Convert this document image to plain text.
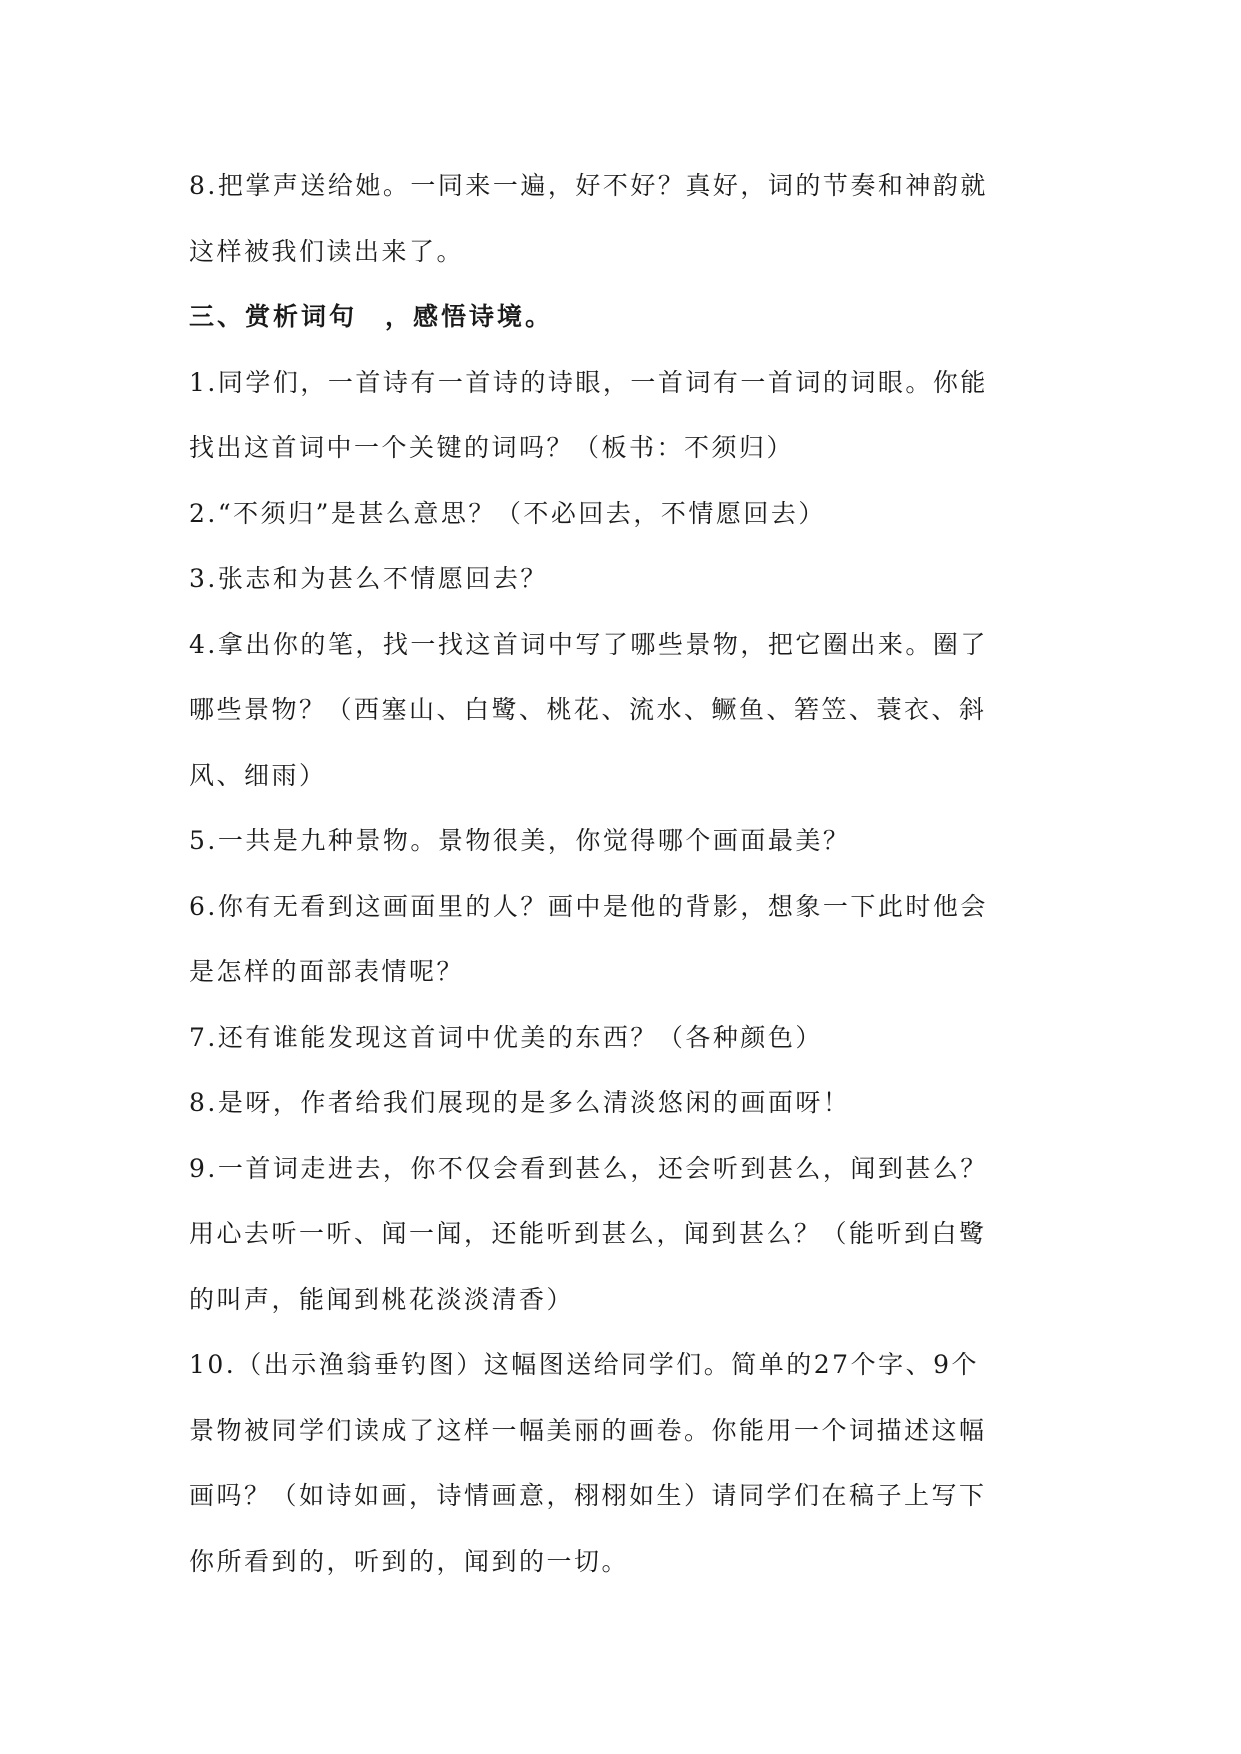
8.把掌声送给她。一同来一遍，好不好？真好，词的节奏和神韵就

这样被我们读出来了。

三、赏析词句　，感悟诗境。

1.同学们，一首诗有一首诗的诗眼，一首词有一首词的词眼。你能

找出这首词中一个关键的词吗？（板书：不须归）

2.“不须归”是甚么意思？（不必回去，不情愿回去）

3.张志和为甚么不情愿回去？

4.拿出你的笔，找一找这首词中写了哪些景物，把它圈出来。圈了

哪些景物？（西塞山、白鹭、桃花、流水、鳜鱼、箬笠、蓑衣、斜

风、细雨）

5.一共是九种景物。景物很美，你觉得哪个画面最美？

6.你有无看到这画面里的人？画中是他的背影，想象一下此时他会

是怎样的面部表情呢？

7.还有谁能发现这首词中优美的东西？（各种颜色）

8.是呀，作者给我们展现的是多么清淡悠闲的画面呀！

9.一首词走进去，你不仅会看到甚么，还会听到甚么，闻到甚么？

用心去听一听、闻一闻，还能听到甚么，闻到甚么？（能听到白鹭

的叫声，能闻到桃花淡淡清香）

10.（出示渔翁垂钓图）这幅图送给同学们。简单的27个字、9个

景物被同学们读成了这样一幅美丽的画卷。你能用一个词描述这幅

画吗？（如诗如画，诗情画意，栩栩如生）请同学们在稿子上写下

你所看到的，听到的，闻到的一切。
